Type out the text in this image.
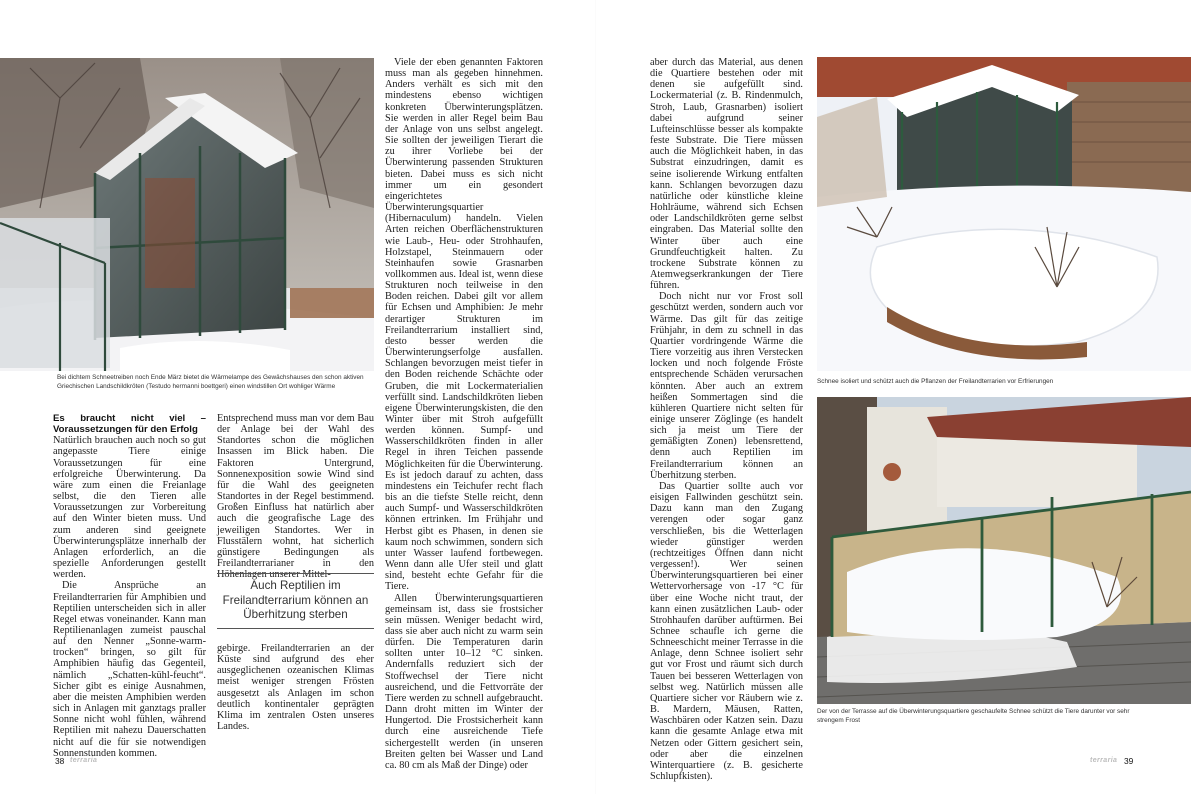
Bei dichtem Schneetreiben noch Ende März bietet die Wärmelampe des Gewächshauses den schon aktiven Griechischen Landschildkröten (Testudo hermanni boettgeri) einen windstillen Ort wohliger Wärme
Es braucht nicht viel – Voraussetzungen für den Erfolg

Natürlich brauchen auch noch so gut angepasste Tiere einige Voraussetzungen für eine erfolgreiche Überwinterung. Da wäre zum einen die Freianlage selbst, die den Tieren alle Voraussetzungen zur Vorbereitung auf den Winter bieten muss. Und zum anderen sind geeignete Überwinterungsplätze innerhalb der Anlagen erforderlich, an die spezielle Anforderungen gestellt werden.

Die Ansprüche an Freilandterrarien für Amphibien und Reptilien unterscheiden sich in aller Regel etwas voneinander. Kann man Reptilienanlagen zumeist pauschal auf den Nenner „Sonne-warm-trocken“ bringen, so gilt für Amphibien häufig das Gegenteil, nämlich „Schatten-kühl-feucht“. Sicher gibt es einige Ausnahmen, aber die meisten Amphibien werden sich in Anlagen mit ganztags praller Sonne nicht wohl fühlen, während Reptilien mit nahezu Dauerschatten nicht auf die für sie notwendigen Sonnenstunden kommen.

Entsprechend muss man vor dem Bau der Anlage bei der Wahl des Standortes schon die möglichen Insassen im Blick haben. Die Faktoren Untergrund, Sonnenexposition sowie Wind sind für die Wahl des geeigneten Standortes in der Regel bestimmend. Großen Einfluss hat natürlich aber auch die geografische Lage des jeweiligen Standortes. Wer in Flusstälern wohnt, hat sicherlich günstigere Bedingungen als Freilandterrarianer in den Höhenlagen unserer Mittel-

Auch Reptilien im Freilandterrarium können an Überhitzung sterben

gebirge. Freilandterrarien an der Küste sind aufgrund des eher ausgeglichenen ozeanischen Klimas meist weniger strengen Frösten ausgesetzt als Anlagen im schon deutlich kontinentaler geprägten Klima im zentralen Osten unseres Landes.

Viele der eben genannten Faktoren muss man als gegeben hinnehmen. Anders verhält es sich mit den mindestens ebenso wichtigen konkreten Überwinterungsplätzen. Sie werden in aller Regel beim Bau der Anlage von uns selbst angelegt. Sie sollten der jeweiligen Tierart die zu ihrer Vorliebe bei der Überwinterung passenden Strukturen bieten. Dabei muss es sich nicht immer um ein gesondert eingerichtetes Überwinterungsquartier (Hibernaculum) handeln. Vielen Arten reichen Oberflächenstrukturen wie Laub-, Heu- oder Strohhaufen, Holzstapel, Steinmauern oder Steinhaufen sowie Grasnarben vollkommen aus. Ideal ist, wenn diese Strukturen noch teilweise in den Boden reichen. Dabei gilt vor allem für Echsen und Amphibien: Je mehr derartiger Strukturen im Freilandterrarium installiert sind, desto besser werden die Überwinterungserfolge ausfallen. Schlangen bevorzugen meist tiefer in den Boden reichende Schächte oder Gruben, die mit Lockermaterialien verfüllt sind. Landschildkröten lieben eigene Überwinterungskisten, die den Winter über mit Stroh aufgefüllt werden können. Sumpf- und Wasserschildkröten finden in aller Regel in ihren Teichen passende Möglichkeiten für die Überwinterung. Es ist jedoch darauf zu achten, dass mindestens ein Teichufer recht flach bis an die tiefste Stelle reicht, denn auch Sumpf- und Wasserschildkröten können ertrinken. Im Frühjahr und Herbst gibt es Phasen, in denen sie kaum noch schwimmen, sondern sich unter Wasser laufend fortbewegen. Wenn dann alle Ufer steil und glatt sind, besteht echte Gefahr für die Tiere.

Allen Überwinterungsquartieren gemeinsam ist, dass sie frostsicher sein müssen. Weniger bedacht wird, dass sie aber auch nicht zu warm sein dürfen. Die Temperaturen darin sollten unter 10–12 °C sinken. Andernfalls reduziert sich der Stoffwechsel der Tiere nicht ausreichend, und die Fettvorräte der Tiere werden zu schnell aufgebraucht. Dann droht mitten im Winter der Hungertod. Die Frostsicherheit kann durch eine ausreichende Tiefe sichergestellt werden (in unseren Breiten gelten bei Wasser und Land ca. 80 cm als Maß der Dinge) oder

38 terraria

aber durch das Material, aus denen die Quartiere bestehen oder mit denen sie aufgefüllt sind. Lockermaterial (z. B. Rindenmulch, Stroh, Laub, Grasnarben) isoliert dabei aufgrund seiner Lufteinschlüsse besser als kompakte feste Substrate. Die Tiere müssen auch die Möglichkeit haben, in das Substrat einzudringen, damit es seine isolierende Wirkung entfalten kann. Schlangen bevorzugen dazu natürliche oder künstliche kleine Hohlräume, während sich Echsen oder Landschildkröten gerne selbst eingraben. Das Material sollte den Winter über auch eine Grundfeuchtigkeit halten. Zu trockene Substrate können zu Atemwegserkrankungen der Tiere führen.

Doch nicht nur vor Frost soll geschützt werden, sondern auch vor Wärme. Das gilt für das zeitige Frühjahr, in dem zu schnell in das Quartier vordringende Wärme die Tiere vorzeitig aus ihren Verstecken locken und noch folgende Fröste entsprechende Schäden verursachen könnten. Aber auch an extrem heißen Sommertagen sind die kühleren Quartiere nicht selten für einige unserer Zöglinge (es handelt sich ja meist um Tiere der gemäßigten Zonen) lebensrettend, denn auch Reptilien im Freilandterrarium können an Überhitzung sterben.

Das Quartier sollte auch vor eisigen Fallwinden geschützt sein. Dazu kann man den Zugang verengen oder sogar ganz verschließen, bis die Wetterlagen wieder günstiger werden (rechtzeitiges Öffnen dann nicht vergessen!). Wer seinen Überwinterungsquartieren bei einer Wettervorhersage von -17 °C für über eine Woche nicht traut, der kann einen zusätzlichen Laub- oder Strohhaufen darüber auftürmen. Bei Schnee schaufle ich gerne die Schneeschicht meiner Terrasse in die Anlage, denn Schnee isoliert sehr gut vor Frost und räumt sich durch Tauen bei besseren Wetterlagen von selbst weg. Natürlich müssen alle Quartiere sicher vor Räubern wie z. B. Mardern, Mäusen, Ratten, Waschbären oder Katzen sein. Dazu kann die gesamte Anlage etwa mit Netzen oder Gittern gesichert sein, oder aber die einzelnen Winterquartiere (z. B. gesicherte Schlupfkisten).

Schnee isoliert und schützt auch die Pflanzen der Freilandterrarien vor Erfrierungen
Der von der Terrasse auf die Überwinterungsquartiere geschaufelte Schnee schützt die Tiere darunter vor sehr strengem Frost
terraria 39
